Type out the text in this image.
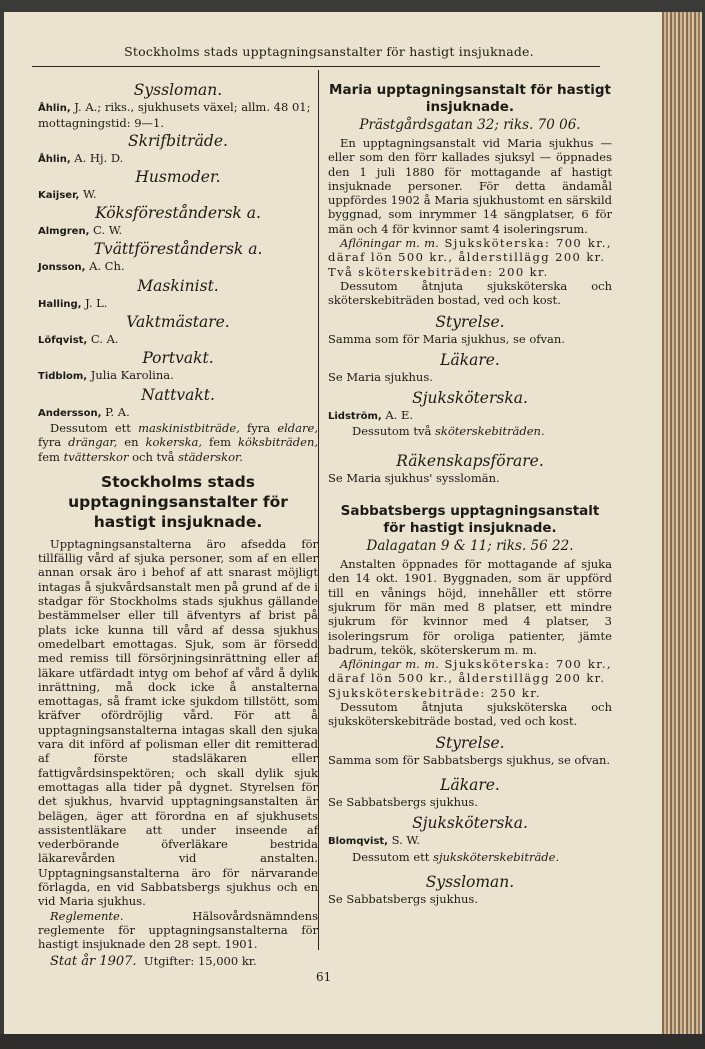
Stockholms stads upptagningsanstalter för hastigt insjuknade.
Syssloman.

Åhlin, J. A.; riks., sjukhusets växel; allm. 48 01; mottagningstid: 9—1.

Skrifbiträde.

Åhlin, A. Hj. D.

Husmoder.

Kaijser, W.

Köksföreståndersk a.

Almgren, C. W.

Tvättföreståndersk a.

Jonsson, A. Ch.

Maskinist.

Halling, J. L.

Vaktmästare.

Löfqvist, C. A.

Portvakt.

Tidblom, Julia Karolina.

Nattvakt.

Andersson, P. A.

Dessutom ett maskinistbiträde, fyra eldare, fyra drängar, en kokerska, fem köksbiträden, fem tvätterskor och två städerskor.

Stockholms stads upptagningsanstalter för hastigt insjuknade.

Upptagningsanstalterna äro afsedda för tillfällig vård af sjuka personer, som af en eller annan orsak äro i behof af att snarast möjligt intagas å sjukvårdsanstalt men på grund af de i stadgar för Stockholms stads sjukhus gällande bestämmelser eller till äfventyrs af brist på plats icke kunna till vård af dessa sjukhus omedelbart emottagas. Sjuk, som är försedd med remiss till försörjningsinrättning eller af läkare utfärdadt intyg om behof af vård å dylik inrättning, må dock icke å anstalterna emottagas, så framt icke sjukdom tillstött, som kräfver ofördröjlig vård. För att å upptagningsanstalterna intagas skall den sjuka vara dit införd af polisman eller dit remitterad af förste stadsläkaren eller fattigvårdsinspektören; och skall dylik sjuk emottagas alla tider på dygnet. Styrelsen för det sjukhus, hvarvid upptagningsanstalten är belägen, äger att förordna en af sjukhusets assistentläkare att under inseende af vederbörande öfverläkare bestrida läkarevården vid anstalten. Upptagningsanstalterna äro för närvarande förlagda, en vid Sabbatsbergs sjukhus och en vid Maria sjukhus.

Reglemente. Hälsovårdsnämndens reglemente för upptagningsanstalterna för hastigt insjuknade den 28 sept. 1901.

Stat år 1907. Utgifter: 15,000 kr.

Maria upptagningsanstalt för hastigt insjuknade.
Prästgårdsgatan 32; riks. 70 06.

En upptagningsanstalt vid Maria sjukhus — eller som den förr kallades sjuksyl — öppnades den 1 juli 1880 för mottagande af hastigt insjuknade personer. För detta ändamål uppfördes 1902 å Maria sjukhustomt en särskild byggnad, som inrymmer 14 sängplatser, 6 för män och 4 för kvinnor samt 4 isoleringsrum.

Aflöningar m. m. Sjuksköterska: 700 kr., däraf lön 500 kr., ålderstillägg 200 kr.

Två sköterskebiträden: 200 kr.

Dessutom åtnjuta sjuksköterska och sköterskebiträden bostad, ved och kost.

Styrelse.

Samma som för Maria sjukhus, se ofvan.

Läkare.

Se Maria sjukhus.

Sjuksköterska.

Lidström, A. E.

Dessutom två sköterskebiträden.

Räkenskapsförare.

Se Maria sjukhus' sysslomän.

Sabbatsbergs upptagningsanstalt för hastigt insjuknade.
Dalagatan 9 & 11; riks. 56 22.

Anstalten öppnades för mottagande af sjuka den 14 okt. 1901. Byggnaden, som är uppförd till en vånings höjd, innehåller ett större sjukrum för män med 8 platser, ett mindre sjukrum för kvinnor med 4 platser, 3 isoleringsrum för oroliga patienter, jämte badrum, tekök, sköterskerum m. m.

Aflöningar m. m. Sjuksköterska: 700 kr., däraf lön 500 kr., ålderstillägg 200 kr.

Sjuksköterskebiträde: 250 kr.

Dessutom åtnjuta sjuksköterska och sjuksköterskebiträde bostad, ved och kost.

Styrelse.

Samma som för Sabbatsbergs sjukhus, se ofvan.

Läkare.

Se Sabbatsbergs sjukhus.

Sjuksköterska.

Blomqvist, S. W.

Dessutom ett sjuksköterskebiträde.

Syssloman.

Se Sabbatsbergs sjukhus.

61
